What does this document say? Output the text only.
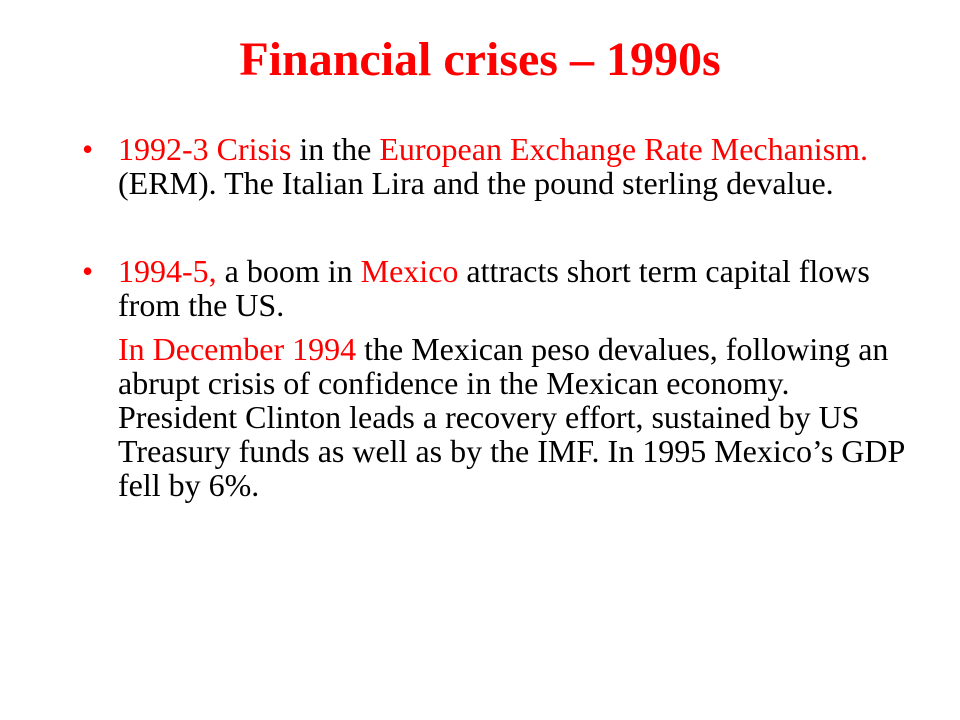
Financial crises – 1990s
• 1992-3 Crisis in the European Exchange Rate Mechanism. (ERM). The Italian Lira and the pound sterling devalue.
• 1994-5, a boom in Mexico attracts short term capital flows from the US.
In December 1994 the Mexican peso devalues, following an abrupt crisis of confidence in the Mexican economy. President Clinton leads a recovery effort, sustained by US Treasury funds as well as by the IMF. In 1995 Mexico’s GDP fell by 6%.
